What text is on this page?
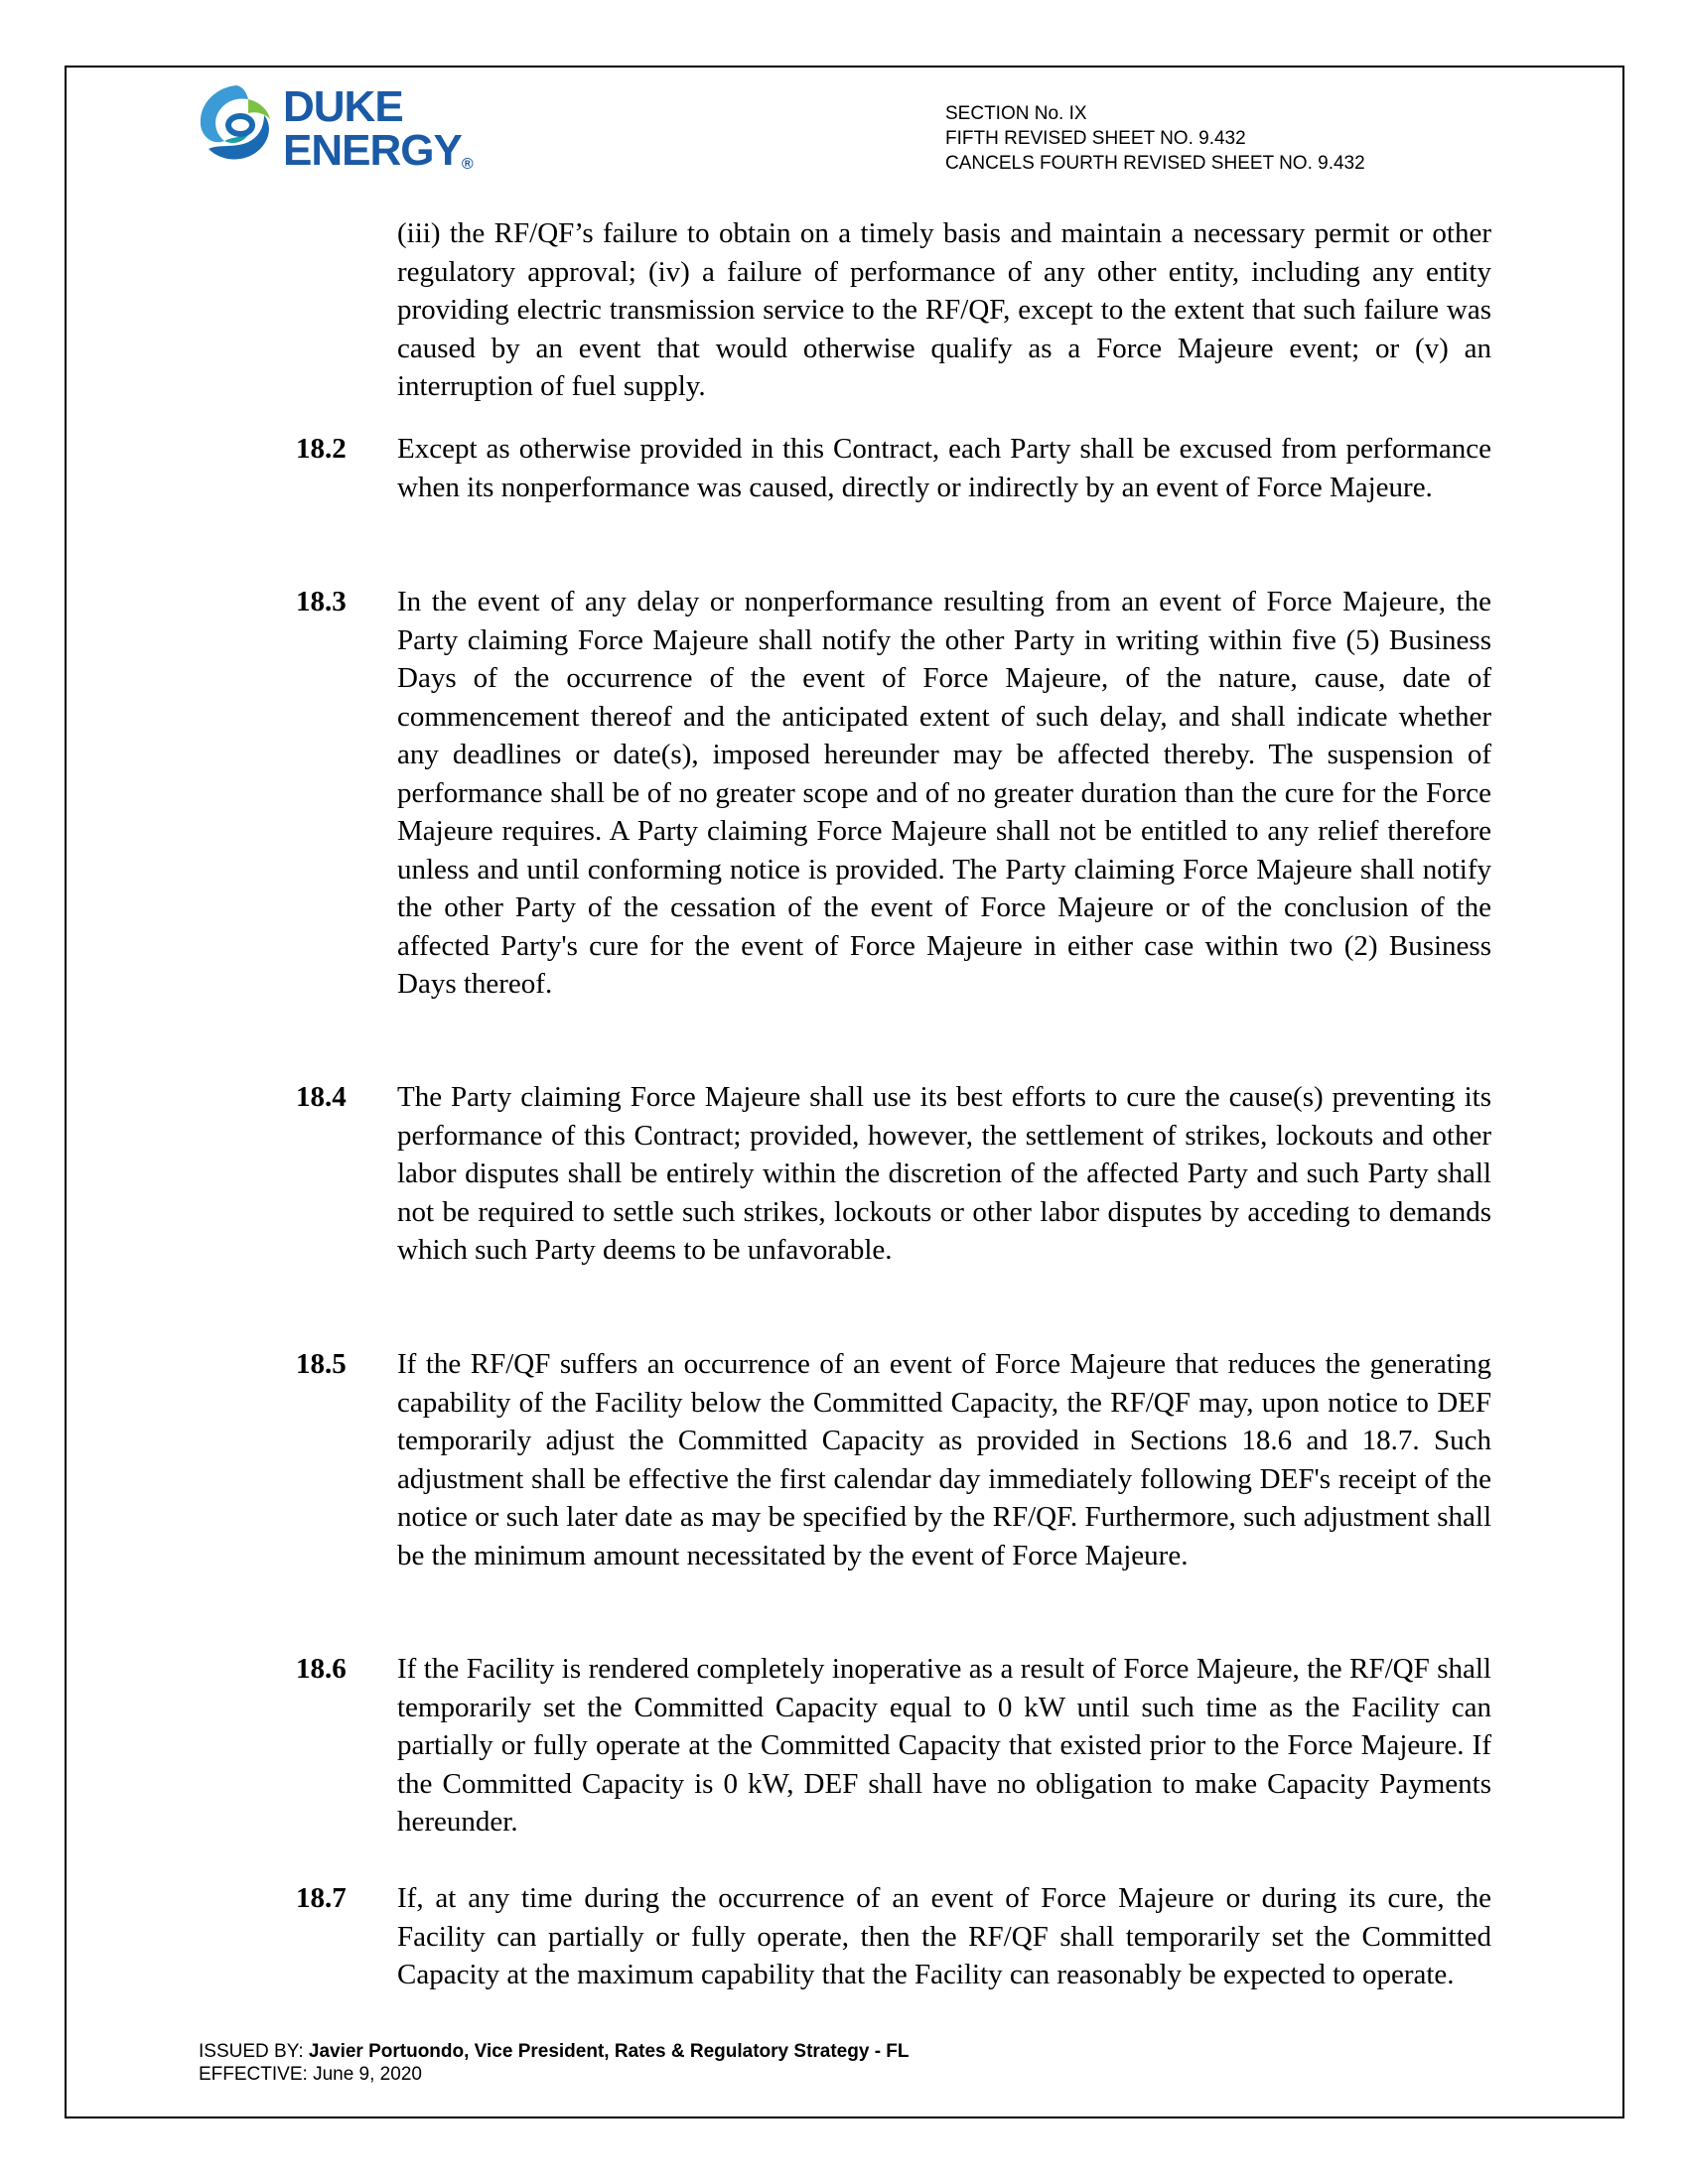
DUKE
ENERGY®
SECTION No. IX
FIFTH REVISED SHEET NO. 9.432
CANCELS FOURTH REVISED SHEET NO. 9.432
(iii) the RF/QF’s failure to obtain on a timely basis and maintain a necessary permit or other regulatory approval; (iv) a failure of performance of any other entity, including any entity providing electric transmission service to the RF/QF, except to the extent that such failure was caused by an event that would otherwise qualify as a Force Majeure event; or (v) an interruption of fuel supply.
18.2 Except as otherwise provided in this Contract, each Party shall be excused from performance when its nonperformance was caused, directly or indirectly by an event of Force Majeure.
18.3 In the event of any delay or nonperformance resulting from an event of Force Majeure, the Party claiming Force Majeure shall notify the other Party in writing within five (5) Business Days of the occurrence of the event of Force Majeure, of the nature, cause, date of commencement thereof and the anticipated extent of such delay, and shall indicate whether any deadlines or date(s), imposed hereunder may be affected thereby. The suspension of performance shall be of no greater scope and of no greater duration than the cure for the Force Majeure requires. A Party claiming Force Majeure shall not be entitled to any relief therefore unless and until conforming notice is provided. The Party claiming Force Majeure shall notify the other Party of the cessation of the event of Force Majeure or of the conclusion of the affected Party's cure for the event of Force Majeure in either case within two (2) Business Days thereof.
18.4 The Party claiming Force Majeure shall use its best efforts to cure the cause(s) preventing its performance of this Contract; provided, however, the settlement of strikes, lockouts and other labor disputes shall be entirely within the discretion of the affected Party and such Party shall not be required to settle such strikes, lockouts or other labor disputes by acceding to demands which such Party deems to be unfavorable.
18.5 If the RF/QF suffers an occurrence of an event of Force Majeure that reduces the generating capability of the Facility below the Committed Capacity, the RF/QF may, upon notice to DEF temporarily adjust the Committed Capacity as provided in Sections 18.6 and 18.7. Such adjustment shall be effective the first calendar day immediately following DEF's receipt of the notice or such later date as may be specified by the RF/QF. Furthermore, such adjustment shall be the minimum amount necessitated by the event of Force Majeure.
18.6 If the Facility is rendered completely inoperative as a result of Force Majeure, the RF/QF shall temporarily set the Committed Capacity equal to 0 kW until such time as the Facility can partially or fully operate at the Committed Capacity that existed prior to the Force Majeure. If the Committed Capacity is 0 kW, DEF shall have no obligation to make Capacity Payments hereunder.
18.7 If, at any time during the occurrence of an event of Force Majeure or during its cure, the Facility can partially or fully operate, then the RF/QF shall temporarily set the Committed Capacity at the maximum capability that the Facility can reasonably be expected to operate.
ISSUED BY: Javier Portuondo, Vice President, Rates & Regulatory Strategy - FL
EFFECTIVE: June 9, 2020
